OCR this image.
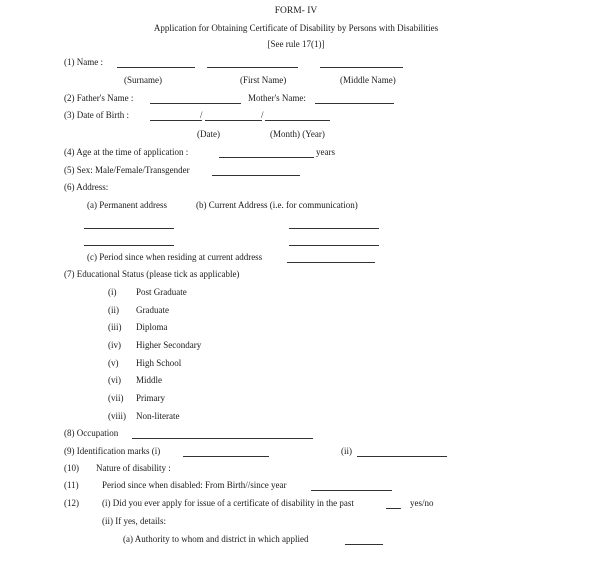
FORM- IV
Application for Obtaining Certificate of Disability by Persons with Disabilities
[See rule 17(1)]
(1) Name :
(Surname)	(First Name)	(Middle Name)
(2) Father's Name :	Mother's Name:
(3) Date of Birth :	/	/
(Date)	(Month) (Year)
(4) Age at the time of application :	years
(5) Sex: Male/Female/Transgender
(6) Address:
(a) Permanent address	(b) Current Address (i.e. for communication)
(c) Period since when residing at current address
(7) Educational Status (please tick as applicable)
(i) Post Graduate
(ii) Graduate
(iii) Diploma
(iv) Higher Secondary
(v) High School
(vi) Middle
(vii) Primary
(viii) Non-literate
(8) Occupation
(9) Identification marks (i)	(ii)
(10) Nature of disability :
(11)	Period since when disabled: From Birth//since year
(12)	(i) Did you ever apply for issue of a certificate of disability in the past	yes/no
(ii) If yes, details:
(a) Authority to whom and district in which applied
